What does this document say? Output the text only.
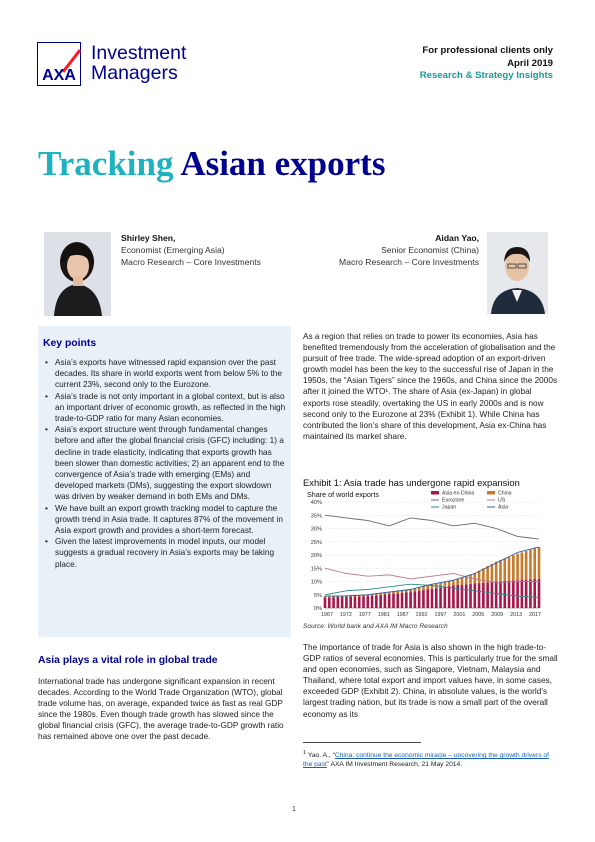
AXA
Investment
Managers
For professional clients only
April 2019
Research & Strategy Insights
Tracking Asian exports
Shirley Shen,
Economist (Emerging Asia)
Macro Research – Core Investments
Aidan Yao,
Senior Economist (China)
Macro Research – Core Investments
Key points
• Asia’s exports have witnessed rapid expansion over the past decades. Its share in world exports went from below 5% to the current 23%, second only to the Eurozone.
• Asia’s trade is not only important in a global context, but is also an important driver of economic growth, as reflected in the high trade-to-GDP ratio for many Asian economies.
• Asia’s export structure went through fundamental changes before and after the global financial crisis (GFC) including: 1) a decline in trade elasticity, indicating that exports growth has been slower than domestic activities; 2) an apparent end to the convergence of Asia’s trade with emerging (EMs) and developed markets (DMs), suggesting the export slowdown was driven by weaker demand in both EMs and DMs.
• We have built an export growth tracking model to capture the growth trend in Asia trade. It captures 87% of the movement in Asia export growth and provides a short-term forecast.
• Given the latest improvements in model inputs, our model suggests a gradual recovery in Asia’s exports may be taking place.
Asia plays a vital role in global trade
International trade has undergone significant expansion in recent decades. According to the World Trade Organization (WTO), global trade volume has, on average, expanded twice as fast as real GDP since the 1980s. Even though trade growth has slowed since the global financial crisis (GFC), the average trade-to-GDP growth ratio has remained above one over the past decade.
As a region that relies on trade to power its economies, Asia has benefited tremendously from the acceleration of globalisation and the pursuit of free trade. The wide-spread adoption of an export-driven growth model has been the key to the successful rise of Japan in the 1950s, the “Asian Tigers” since the 1960s, and China since the 2000s after it joined the WTO¹. The share of Asia (ex-Japan) in global exports rose steadily, overtaking the US in early 2000s and is now second only to the Eurozone at 23% (Exhibit 1). While China has contributed the lion’s share of this development, Asia ex-China has maintained its market share.
Exhibit 1: Asia trade has undergone rapid expansion
Share of world exports
0%
5%
10%
15%
20%
25%
30%
35%
40%
1967 1972 1977 1981 1987 1992 1997 2001 2005 2009 2013 2017
Asia ex-China	China
Eurozone	US
Japan	Asia
Source: World bank and AXA IM Macro Research
The importance of trade for Asia is also shown in the high trade-to-GDP ratios of several economies. This is particularly true for the small and open economies, such as Singapore, Vietnam, Malaysia and Thailand, where total export and import values have, in some cases, exceeded GDP (Exhibit 2). China, in absolute values, is the world’s largest trading nation, but its trade is now a small part of the overall economy as its
$^1$ Yao. A., “China: continue the economic miracle – uncovering the growth drivers of the past” AXA IM Investment Research, 21 May 2014.
1
